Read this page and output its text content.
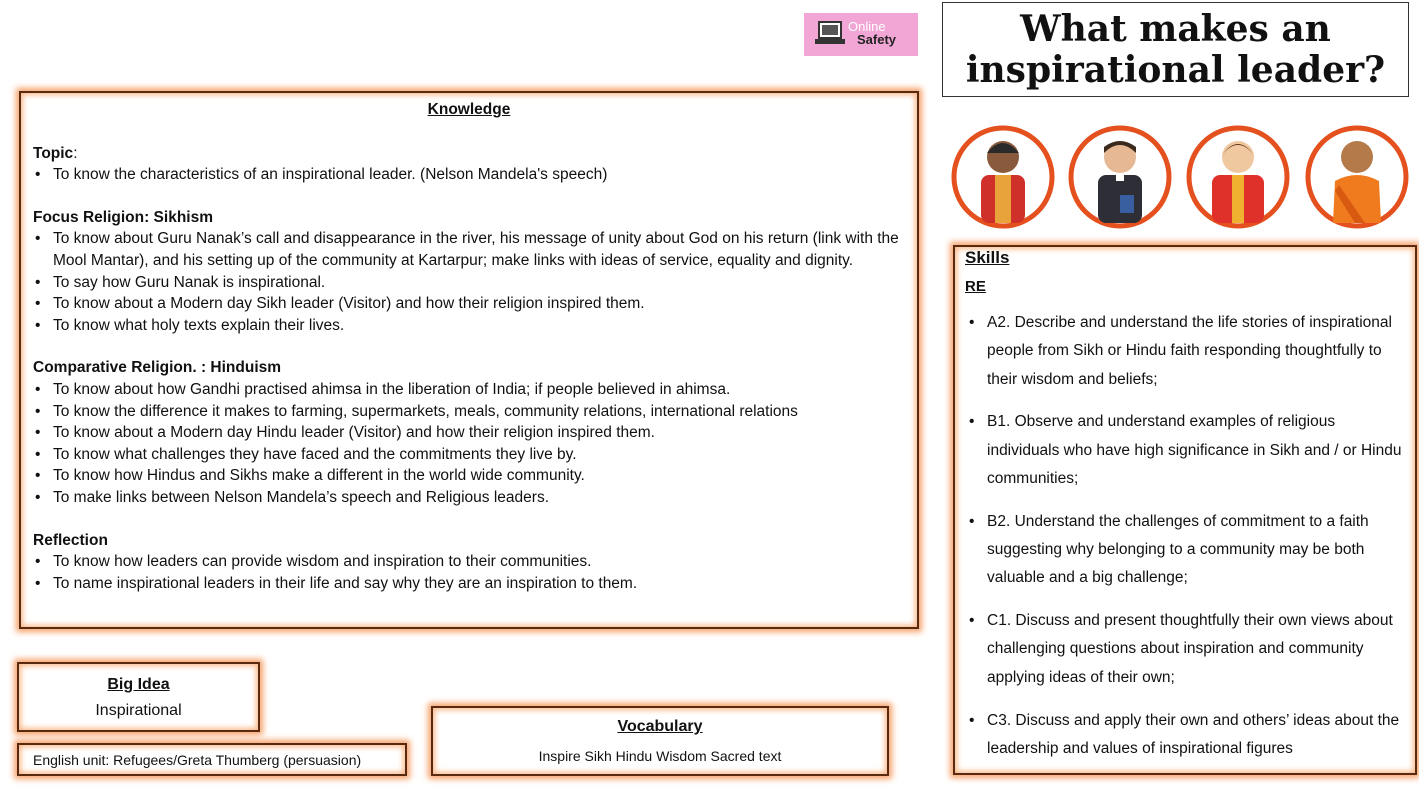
Online
Safety	What makes an inspirational leader?
Knowledge
Topic:
• To know the characteristics of an inspirational leader. (Nelson Mandela's speech)
Focus Religion: Sikhism
• To know about Guru Nanak’s call and disappearance in the river, his message of unity about God on his return (link with the Mool Mantar), and his setting up of the community at Kartarpur; make links with ideas of service, equality and dignity.
• To say how Guru Nanak is inspirational.
• To know about a Modern day Sikh leader (Visitor) and how their religion inspired them.
• To know what holy texts explain their lives.
Comparative Religion. : Hinduism
• To know about how Gandhi practised ahimsa in the liberation of India; if people believed in ahimsa.
• To know the difference it makes to farming, supermarkets, meals, community relations, international relations
• To know about a Modern day Hindu leader (Visitor) and how their religion inspired them.
• To know what challenges they have faced and the commitments they live by.
• To know how Hindus and Sikhs make a different in the world wide community.
• To make links between Nelson Mandela’s speech and Religious leaders.
Reflection
• To know how leaders can provide wisdom and inspiration to their communities.
• To name inspirational leaders in their life and say why they are an inspiration to them.
Big Idea
Inspirational
English unit: Refugees/Greta Thumberg (persuasion)
Vocabulary
Inspire Sikh Hindu Wisdom Sacred text
Skills
RE
• A2. Describe and understand the life stories of inspirational people from Sikh or Hindu faith responding thoughtfully to their wisdom and beliefs;
• B1. Observe and understand examples of religious individuals who have high significance in Sikh and / or Hindu communities;
• B2. Understand the challenges of commitment to a faith suggesting why belonging to a community may be both valuable and a big challenge;
• C1. Discuss and present thoughtfully their own views about challenging questions about inspiration and community applying ideas of their own;
• C3. Discuss and apply their own and others’ ideas about the leadership and values of inspirational figures
